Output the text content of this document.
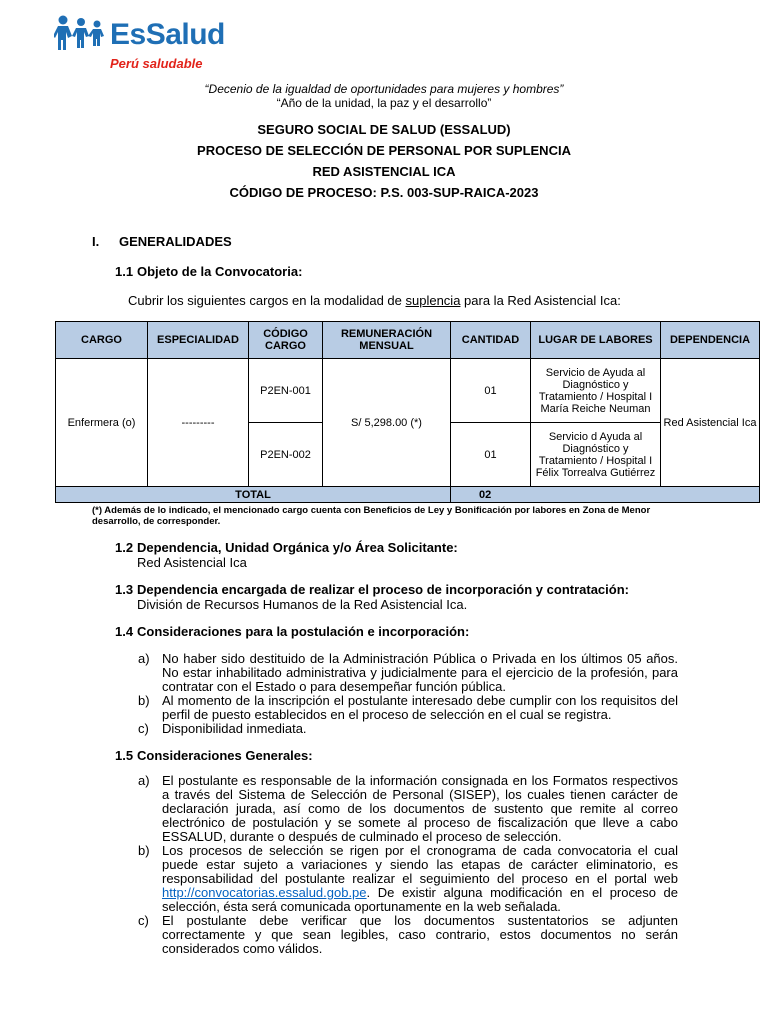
EsSalud
Perú saludable
“Decenio de la igualdad de oportunidades para mujeres y hombres”
“Año de la unidad, la paz y el desarrollo”
SEGURO SOCIAL DE SALUD (ESSALUD)
PROCESO DE SELECCIÓN DE PERSONAL POR SUPLENCIA
RED ASISTENCIAL ICA
CÓDIGO DE PROCESO: P.S. 003-SUP-RAICA-2023
I. GENERALIDADES
1.1 Objeto de la Convocatoria:
Cubrir los siguientes cargos en la modalidad de suplencia para la Red Asistencial Ica:
CARGO	ESPECIALIDAD	CÓDIGO CARGO	REMUNERACIÓN MENSUAL	CANTIDAD	LUGAR DE LABORES	DEPENDENCIA
Enfermera (o)	---------	P2EN-001	S/ 5,298.00 (*)	01	Servicio de Ayuda al Diagnóstico y Tratamiento / Hospital I María Reiche Neuman	Red Asistencial Ica
		P2EN-002		01	Servicio d Ayuda al Diagnóstico y Tratamiento / Hospital I Félix Torrealva Gutiérrez	
TOTAL				02		
(*) Además de lo indicado, el mencionado cargo cuenta con Beneficios de Ley y Bonificación por labores en Zona de Menor desarrollo, de corresponder.
1.2 Dependencia, Unidad Orgánica y/o Área Solicitante:
Red Asistencial Ica
1.3 Dependencia encargada de realizar el proceso de incorporación y contratación:
División de Recursos Humanos de la Red Asistencial Ica.
1.4 Consideraciones para la postulación e incorporación:
a) No haber sido destituido de la Administración Pública o Privada en los últimos 05 años. No estar inhabilitado administrativa y judicialmente para el ejercicio de la profesión, para contratar con el Estado o para desempeñar función pública.
b) Al momento de la inscripción el postulante interesado debe cumplir con los requisitos del perfil de puesto establecidos en el proceso de selección en el cual se registra.
c) Disponibilidad inmediata.
1.5 Consideraciones Generales:
a) El postulante es responsable de la información consignada en los Formatos respectivos a través del Sistema de Selección de Personal (SISEP), los cuales tienen carácter de declaración jurada, así como de los documentos de sustento que remite al correo electrónico de postulación y se somete al proceso de fiscalización que lleve a cabo ESSALUD, durante o después de culminado el proceso de selección.
b) Los procesos de selección se rigen por el cronograma de cada convocatoria el cual puede estar sujeto a variaciones y siendo las etapas de carácter eliminatorio, es responsabilidad del postulante realizar el seguimiento del proceso en el portal web http://convocatorias.essalud.gob.pe. De existir alguna modificación en el proceso de selección, ésta será comunicada oportunamente en la web señalada.
c) El postulante debe verificar que los documentos sustentatorios se adjunten correctamente y que sean legibles, caso contrario, estos documentos no serán considerados como válidos.
